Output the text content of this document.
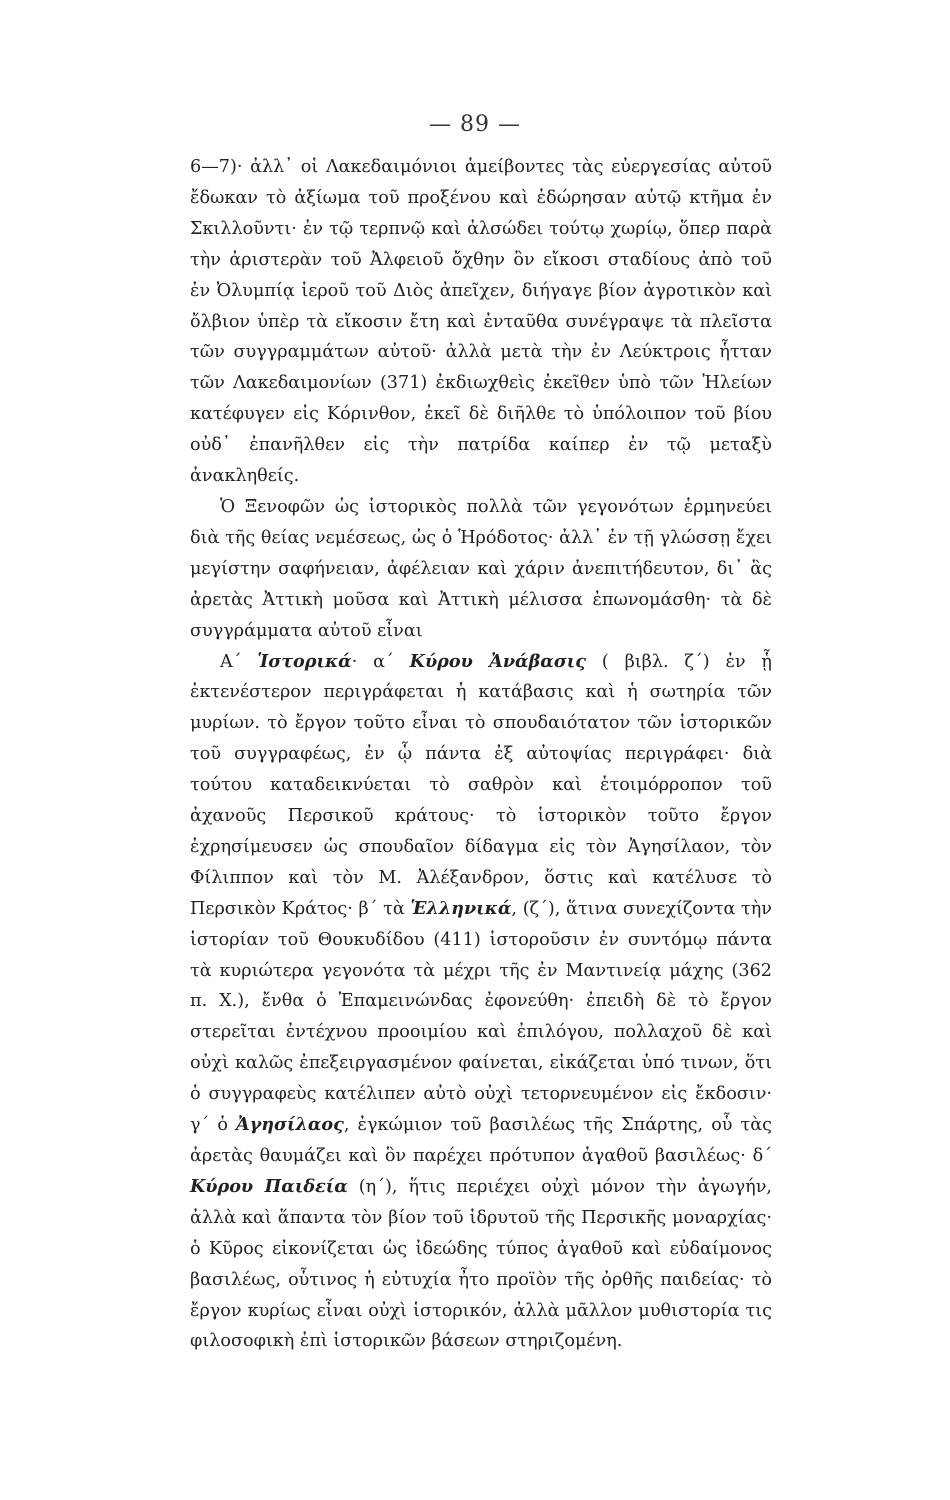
— 89 —

6—7)· ἀλλ᾽ οἱ Λακεδαιμόνιοι ἀμείβοντες τὰς εὐεργεσίας αὐτοῦ ἔδωκαν τὸ ἀξίωμα τοῦ προξένου καὶ ἐδώρησαν αὐτῷ κτῆμα ἐν Σκιλλοῦντι· ἐν τῷ τερπνῷ καὶ ἀλσώδει τούτῳ χωρίῳ, ὅπερ παρὰ τὴν ἀριστερὰν τοῦ Ἀλφειοῦ ὄχθην ὂν εἴκοσι σταδίους ἀπὸ τοῦ ἐν Ὀλυμπίᾳ ἱεροῦ τοῦ Διὸς ἀπεῖχεν, διήγαγε βίον ἀγροτικὸν καὶ ὄλβιον ὑπὲρ τὰ εἴκοσιν ἔτη καὶ ἐνταῦθα συνέγραψε τὰ πλεῖστα τῶν συγγραμμάτων αὐτοῦ· ἀλλὰ μετὰ τὴν ἐν Λεύκτροις ἧτταν τῶν Λακεδαιμονίων (371) ἐκδιωχθεὶς ἐκεῖθεν ὑπὸ τῶν Ἠλείων κατέφυγεν εἰς Κόρινθον, ἐκεῖ δὲ διῆλθε τὸ ὑπόλοιπον τοῦ βίου οὐδ᾽ ἐπανῆλθεν εἰς τὴν πατρίδα καίπερ ἐν τῷ μεταξὺ ἀνακληθείς.

Ὁ Ξενοφῶν ὡς ἱστορικὸς πολλὰ τῶν γεγονότων ἑρμηνεύει διὰ τῆς θείας νεμέσεως, ὡς ὁ Ἡρόδοτος· ἀλλ᾽ ἐν τῇ γλώσσῃ ἔχει μεγίστην σαφήνειαν, ἀφέλειαν καὶ χάριν ἀνεπιτήδευτον, δι᾽ ἃς ἀρετὰς Ἀττικὴ μοῦσα καὶ Ἀττικὴ μέλισσα ἐπωνομάσθη· τὰ δὲ συγγράμματα αὐτοῦ εἶναι

Α΄ Ἱστορικά· α΄ Κύρου Ἀνάβασις ( βιβλ. ζ΄) ἐν ᾗ ἐκτενέστερον περιγράφεται ἡ κατάβασις καὶ ἡ σωτηρία τῶν μυρίων. τὸ ἔργον τοῦτο εἶναι τὸ σπουδαιότατον τῶν ἱστορικῶν τοῦ συγγραφέως, ἐν ᾧ πάντα ἐξ αὐτοψίας περιγράφει· διὰ τούτου καταδεικνύεται τὸ σαθρὸν καὶ ἑτοιμόρροπον τοῦ ἀχανοῦς Περσικοῦ κράτους· τὸ ἱστορικὸν τοῦτο ἔργον ἐχρησίμευσεν ὡς σπουδαῖον δίδαγμα εἰς τὸν Ἀγησίλαον, τὸν Φίλιππον καὶ τὸν Μ. Ἀλέξανδρον, ὅστις καὶ κατέλυσε τὸ Περσικὸν Κράτος· β΄ τὰ Ἑλληνικά, (ζ΄), ἅτινα συνεχίζοντα τὴν ἱστορίαν τοῦ Θουκυδίδου (411) ἱστοροῦσιν ἐν συντόμῳ πάντα τὰ κυριώτερα γεγονότα τὰ μέχρι τῆς ἐν Μαντινείᾳ μάχης (362 π. Χ.), ἔνθα ὁ Ἐπαμεινώνδας ἐφονεύθη· ἐπειδὴ δὲ τὸ ἔργον στερεῖται ἐντέχνου προοιμίου καὶ ἐπιλόγου, πολλαχοῦ δὲ καὶ οὐχὶ καλῶς ἐπεξειργασμένον φαίνεται, εἰκάζεται ὑπό τινων, ὅτι ὁ συγγραφεὺς κατέλιπεν αὐτὸ οὐχὶ τετορνευμένον εἰς ἔκδοσιν· γ΄ ὁ Ἀγησίλαος, ἐγκώμιον τοῦ βασιλέως τῆς Σπάρτης, οὗ τὰς ἀρετὰς θαυμάζει καὶ ὃν παρέχει πρότυπον ἀγαθοῦ βασιλέως· δ΄ Κύρου Παιδεία (η΄), ἥτις περιέχει οὐχὶ μόνον τὴν ἀγωγήν, ἀλλὰ καὶ ἅπαντα τὸν βίον τοῦ ἱδρυτοῦ τῆς Περσικῆς μοναρχίας· ὁ Κῦρος εἰκονίζεται ὡς ἰδεώδης τύπος ἀγαθοῦ καὶ εὐδαίμονος βασιλέως, οὗτινος ἡ εὐτυχία ἦτο προϊὸν τῆς ὀρθῆς παιδείας· τὸ ἔργον κυρίως εἶναι οὐχὶ ἱστορικόν, ἀλλὰ μᾶλλον μυθιστορία τις φιλοσοφικὴ ἐπὶ ἱστορικῶν βάσεων στηριζομένη.
